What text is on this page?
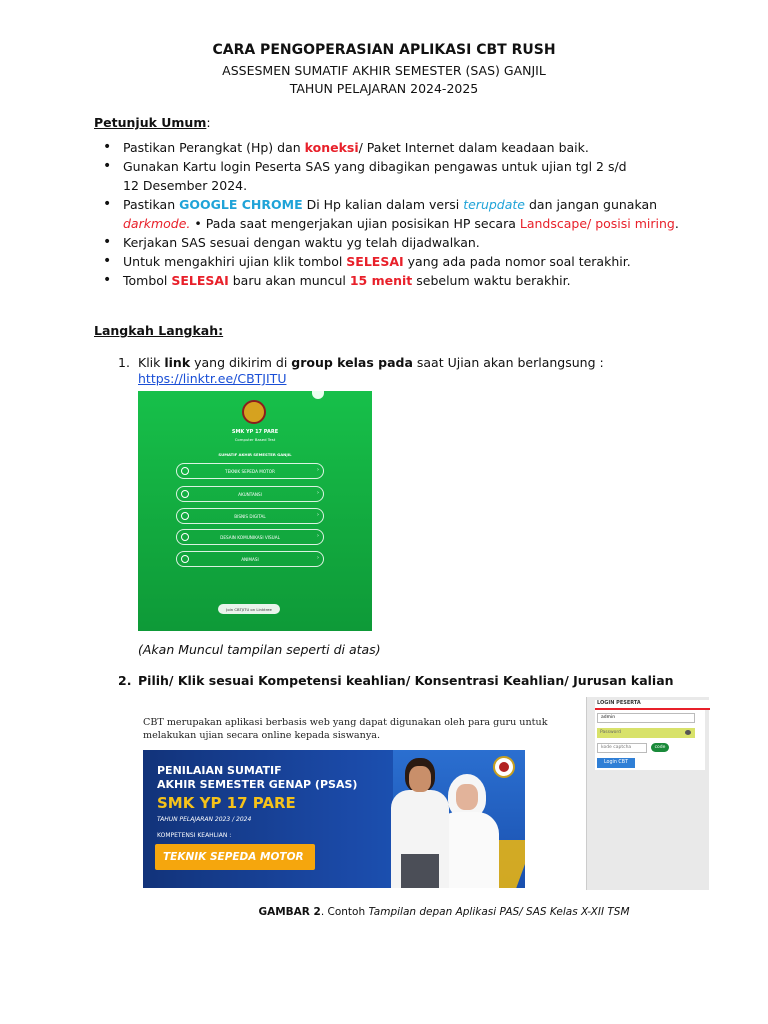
CARA PENGOPERASIAN APLIKASI CBT RUSH
ASSESMEN SUMATIF AKHIR SEMESTER (SAS) GANJIL
TAHUN PELAJARAN 2024-2025
Petunjuk Umum:
• Pastikan Perangkat (Hp) dan koneksi/ Paket Internet dalam keadaan baik.
• Gunakan Kartu login Peserta SAS yang dibagikan pengawas untuk ujian tgl 2 s/d 12 Desember 2024.
• Pastikan GOOGLE CHROME Di Hp kalian dalam versi terupdate dan jangan gunakan darkmode. • Pada saat mengerjakan ujian posisikan HP secara Landscape/ posisi miring.
• Kerjakan SAS sesuai dengan waktu yg telah dijadwalkan.
• Untuk mengakhiri ujian klik tombol SELESAI yang ada pada nomor soal terakhir.
• Tombol SELESAI baru akan muncul 15 menit sebelum waktu berakhir.
Langkah Langkah:
1. Klik link yang dikirim di group kelas pada saat Ujian akan berlangsung :
https://linktr.ee/CBTJITU
SMK YP 17 PARE
Computer Based Test
SUMATIF AKHIR SEMESTER GANJIL
TEKNIK SEPEDA MOTOR	›
AKUNTANSI	›
BISNIS DIGITAL	›
DESAIN KOMUNIKASI VISUAL	›
ANIMASI	›
Join CBTJITU on Linktree
(Akan Muncul tampilan seperti di atas)
2. Pilih/ Klik sesuai Kompetensi keahlian/ Konsentrasi Keahlian/ Jurusan kalian
CBT merupakan aplikasi berbasis web yang dapat digunakan oleh para guru untuk melakukan ujian secara online kepada siswanya.
PENILAIAN SUMATIF
AKHIR SEMESTER GENAP (PSAS)
SMK YP 17 PARE
TAHUN PELAJARAN 2023 / 2024
KOMPETENSI KEAHLIAN :
TEKNIK SEPEDA MOTOR
LOGIN PESERTA
admin
Password
kode captcha	code
Login CBT
GAMBAR 2. Contoh Tampilan depan Aplikasi PAS/ SAS Kelas X-XII TSM
